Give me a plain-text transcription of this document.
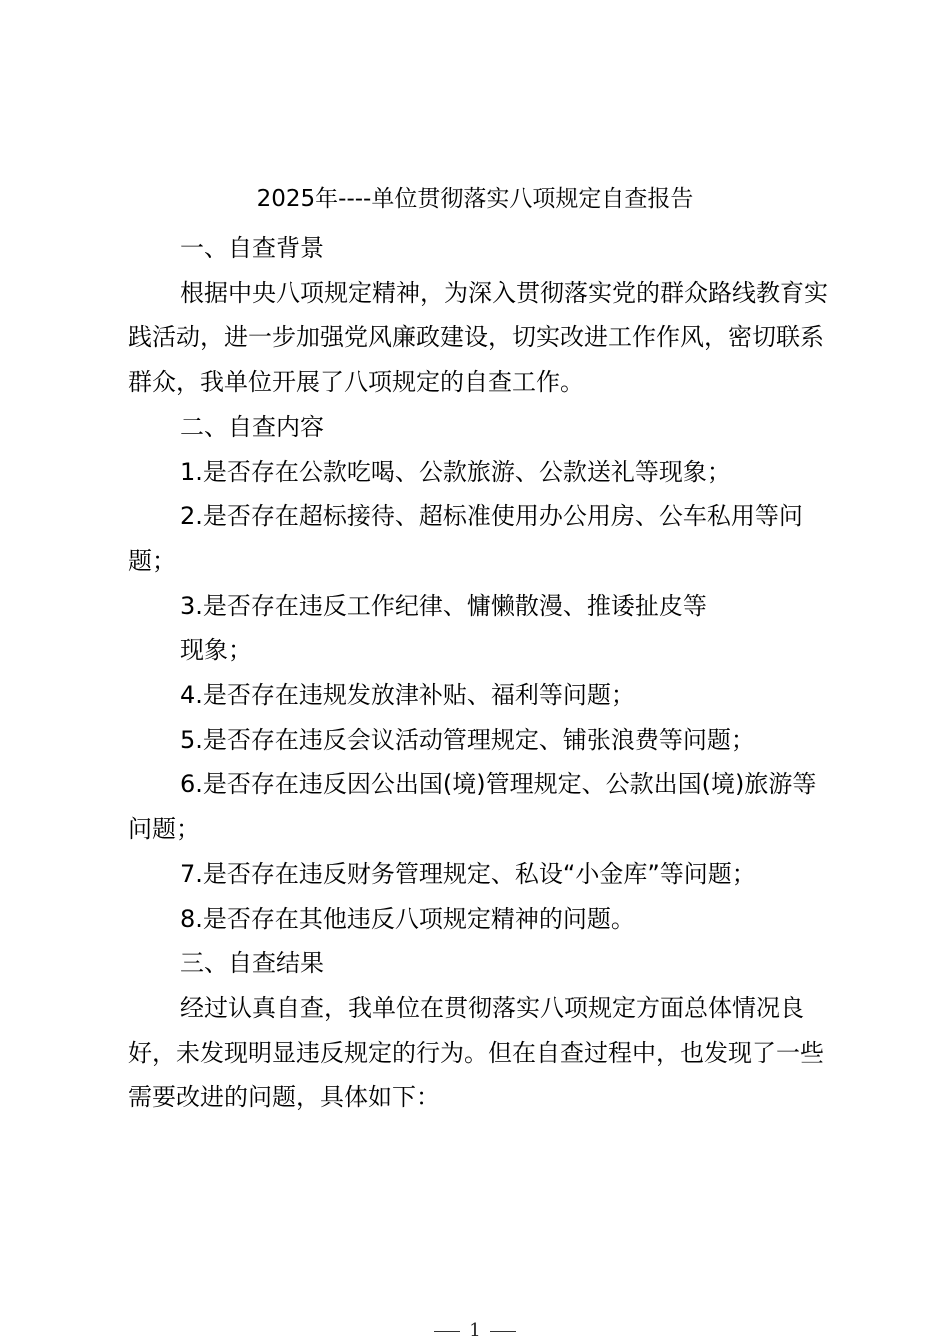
2025年----单位贯彻落实八项规定自查报告

一、自查背景

根据中央八项规定精神，为深入贯彻落实党的群众路线教育实践活动，进一步加强党风廉政建设，切实改进工作作风，密切联系群众，我单位开展了八项规定的自查工作。

二、自查内容

1.是否存在公款吃喝、公款旅游、公款送礼等现象；

2.是否存在超标接待、超标准使用办公用房、公车私用等问题；

3.是否存在违反工作纪律、慵懒散漫、推诿扯皮等

现象；

4.是否存在违规发放津补贴、福利等问题；

5.是否存在违反会议活动管理规定、铺张浪费等问题；

6.是否存在违反因公出国(境)管理规定、公款出国(境)旅游等问题；

7.是否存在违反财务管理规定、私设“小金库”等问题；

8.是否存在其他违反八项规定精神的问题。

三、自查结果

经过认真自查，我单位在贯彻落实八项规定方面总体情况良好，未发现明显违反规定的行为。但在自查过程中，也发现了一些需要改进的问题，具体如下：

1
